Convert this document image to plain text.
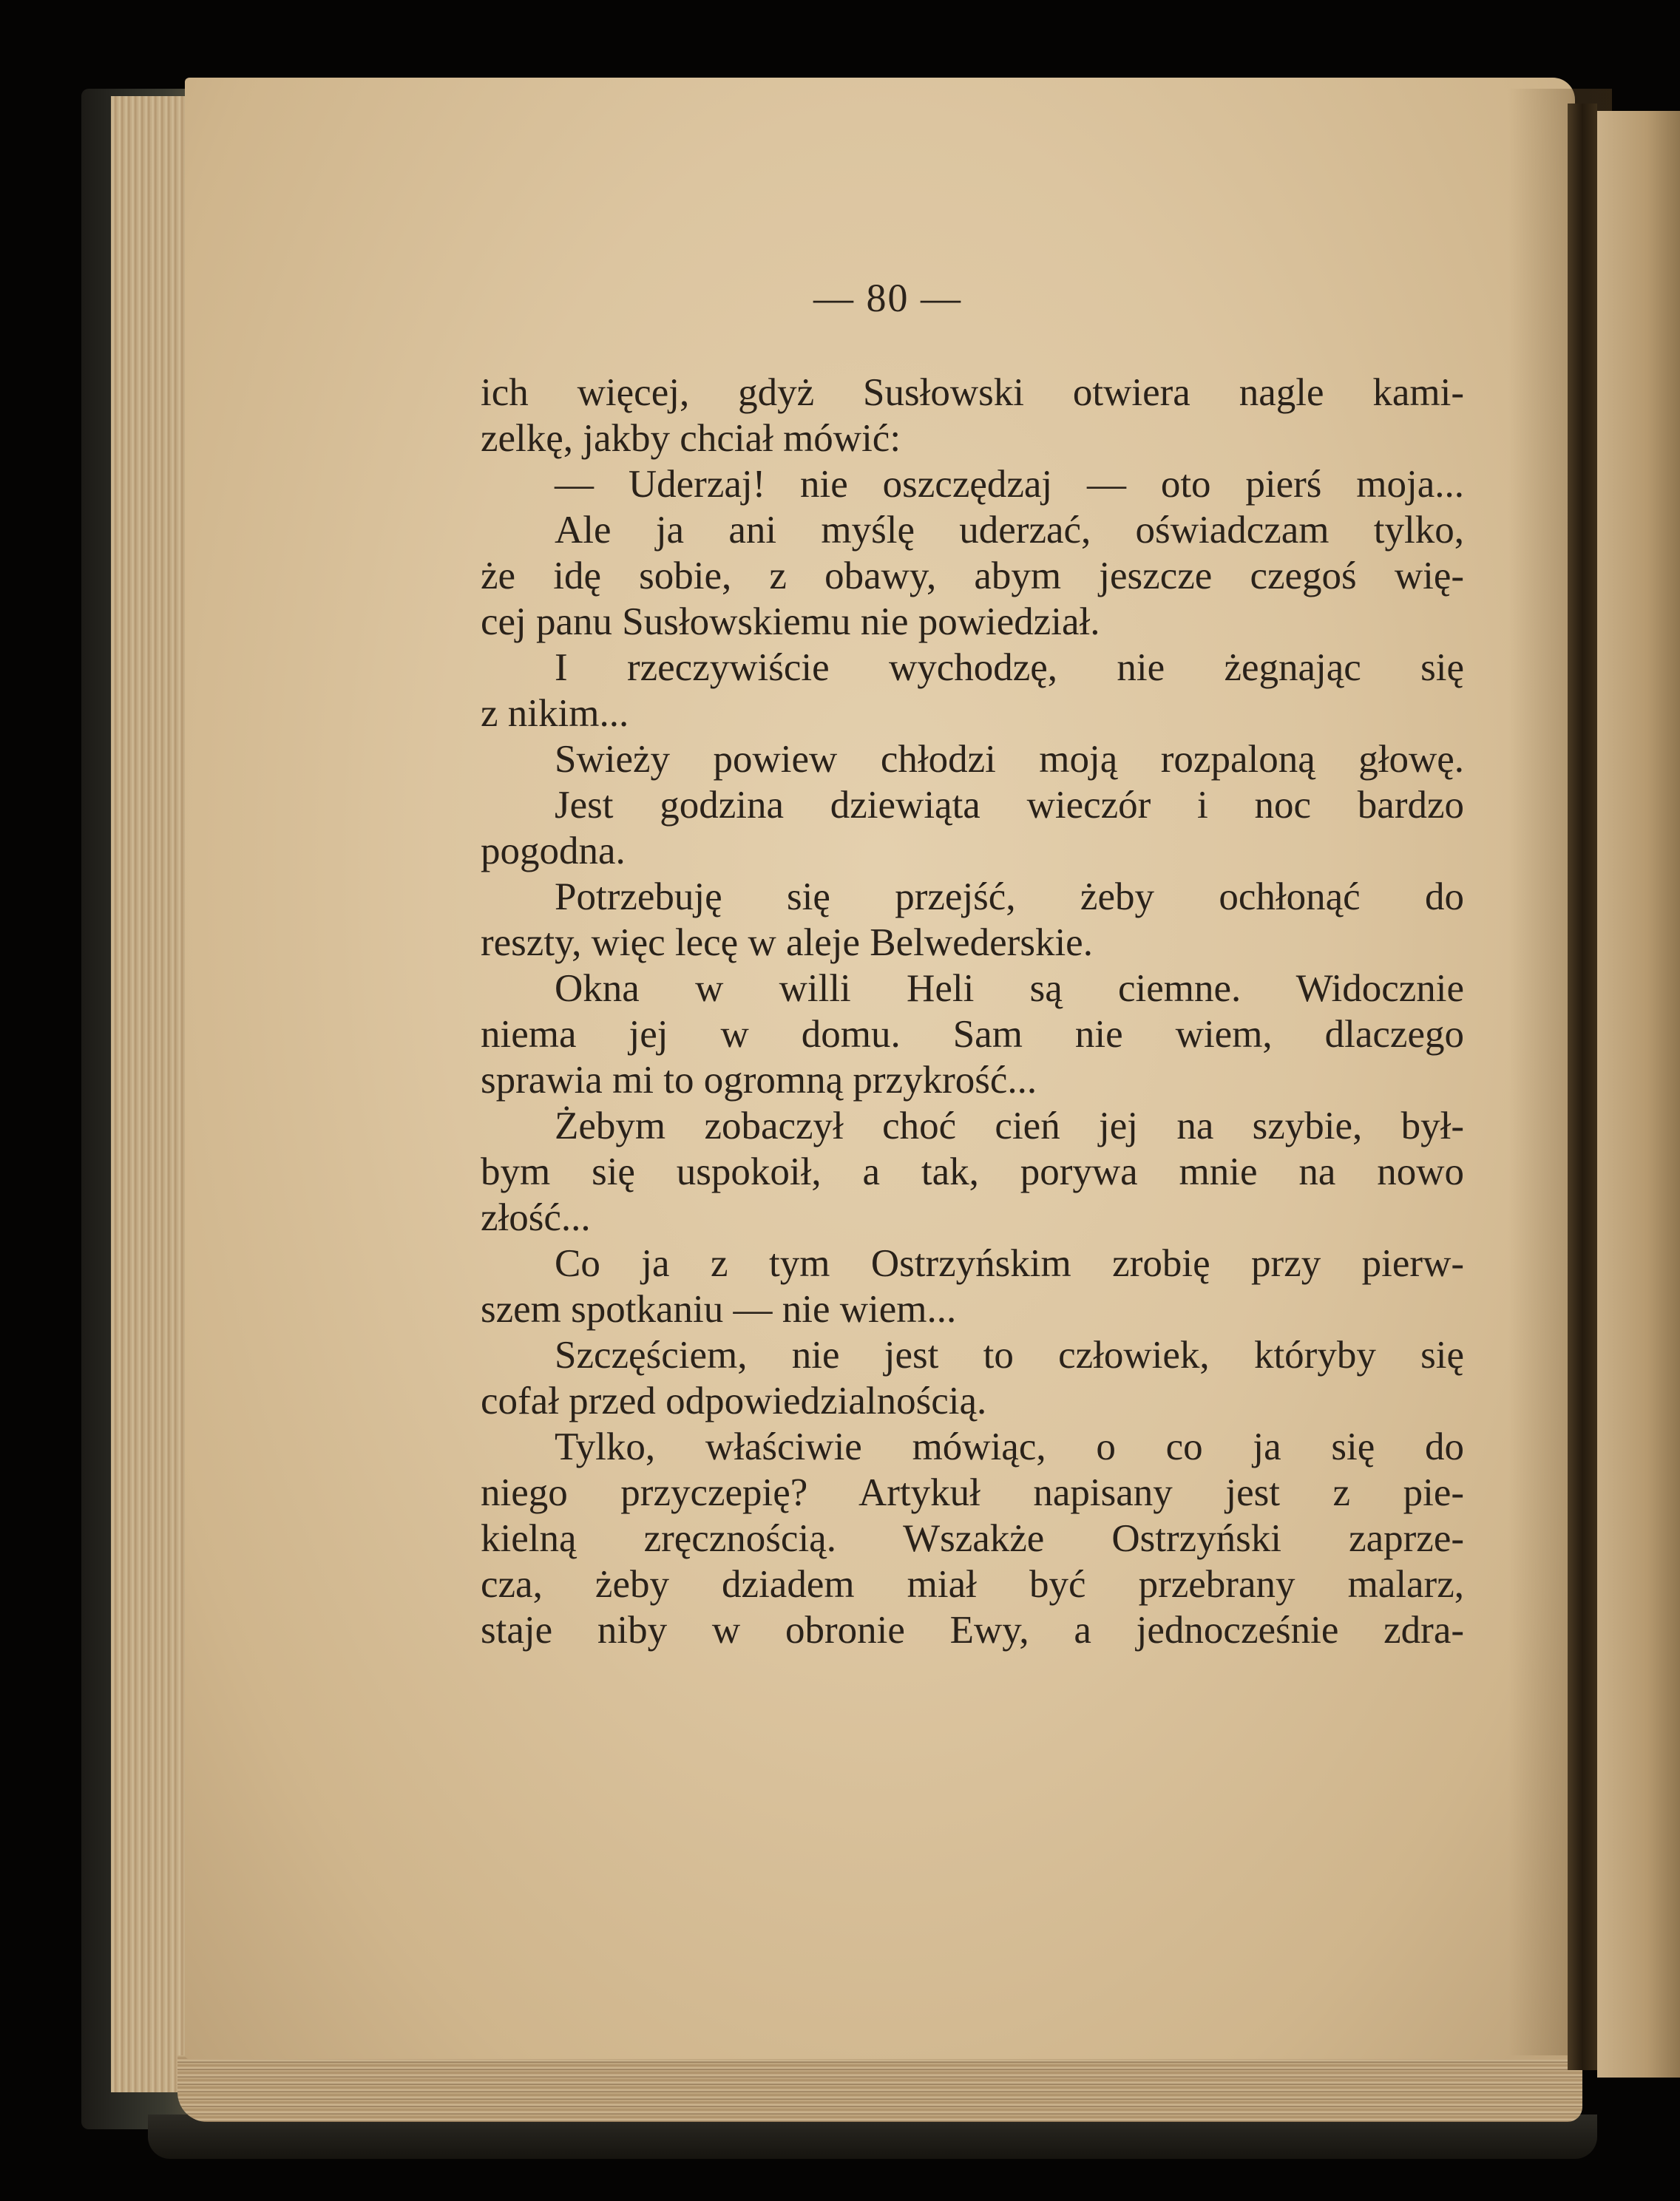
— 80 —
ich więcej, gdyż Susłowski otwiera nagle kami-
zelkę, jakby chciał mówić:
— Uderzaj! nie oszczędzaj — oto pierś moja...
Ale ja ani myślę uderzać, oświadczam tylko,
że idę sobie, z obawy, abym jeszcze czegoś wię-
cej panu Susłowskiemu nie powiedział.
I rzeczywiście wychodzę, nie żegnając się
z nikim...
Swieży powiew chłodzi moją rozpaloną głowę.
Jest godzina dziewiąta wieczór i noc bardzo
pogodna.
Potrzebuję się przejść, żeby ochłonąć do
reszty, więc lecę w aleje Belwederskie.
Okna w willi Heli są ciemne. Widocznie
niema jej w domu. Sam nie wiem, dlaczego
sprawia mi to ogromną przykrość...
Żebym zobaczył choć cień jej na szybie, był-
bym się uspokoił, a tak, porywa mnie na nowo
złość...
Co ja z tym Ostrzyńskim zrobię przy pierw-
szem spotkaniu — nie wiem...
Szczęściem, nie jest to człowiek, któryby się
cofał przed odpowiedzialnością.
Tylko, właściwie mówiąc, o co ja się do
niego przyczepię? Artykuł napisany jest z pie-
kielną zręcznością. Wszakże Ostrzyński zaprze-
cza, żeby dziadem miał być przebrany malarz,
staje niby w obronie Ewy, a jednocześnie zdra-
